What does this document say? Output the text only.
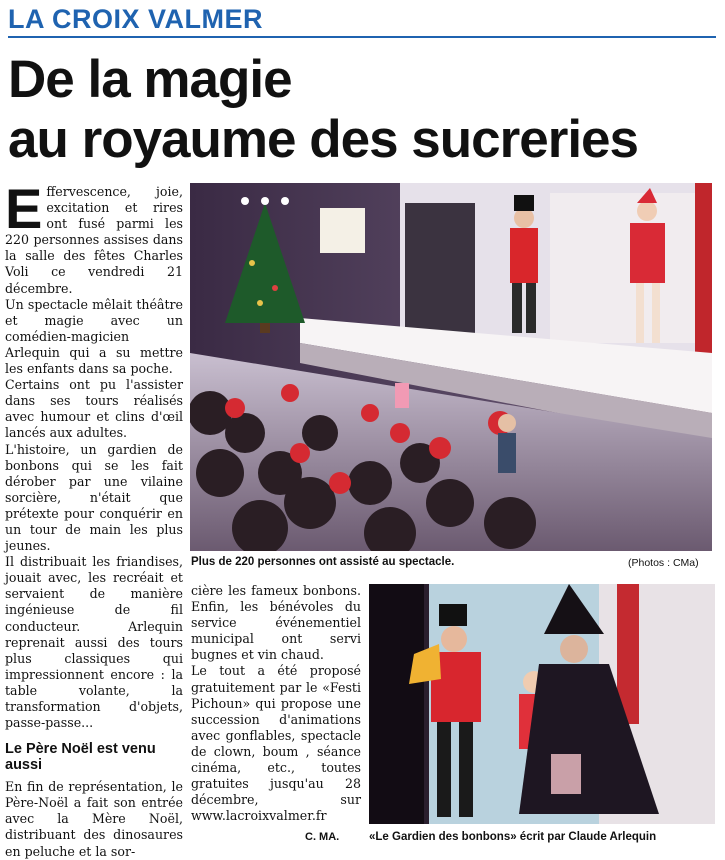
LA CROIX VALMER
De la magie
au royaume des sucreries

Effervescence, joie, excitation et rires ont fusé parmi les 220 personnes assises dans la salle des fêtes Charles Voli ce vendredi 21 décembre.

Un spectacle mêlait théâtre et magie avec un comédien-magicien Arlequin qui a su mettre les enfants dans sa poche.

Certains ont pu l'assister dans ses tours réalisés avec humour et clins d'œil lancés aux adultes.

L'histoire, un gardien de bonbons qui se les fait dérober par une vilaine sorcière, n'était que prétexte pour conquérir en un tour de main les plus jeunes.

Il distribuait les friandises, jouait avec, les recréait et servaient de manière ingénieuse de fil conducteur. Arlequin reprenait aussi des tours plus classiques qui impressionnent encore : la table volante, la transformation d'objets, passe-passe...

Le Père Noël est venu aussi

En fin de représentation, le Père-Noël a fait son entrée avec la Mère Noël, distribuant des dinosaures en peluche et la sor-

cière les fameux bonbons. Enfin, les bénévoles du service événementiel municipal ont servi bugnes et vin chaud.

Le tout a été proposé gratuitement par le «Festi Pichoun» qui propose une succession d'animations avec gonflables, spectacle de clown, boum , séance cinéma, etc., toutes gratuites jusqu'au 28 décembre, sur www.lacroixvalmer.fr

C. MA.
Plus de 220 personnes ont assisté au spectacle.	(Photos : CMa)
«Le Gardien des bonbons» écrit par Claude Arlequin
